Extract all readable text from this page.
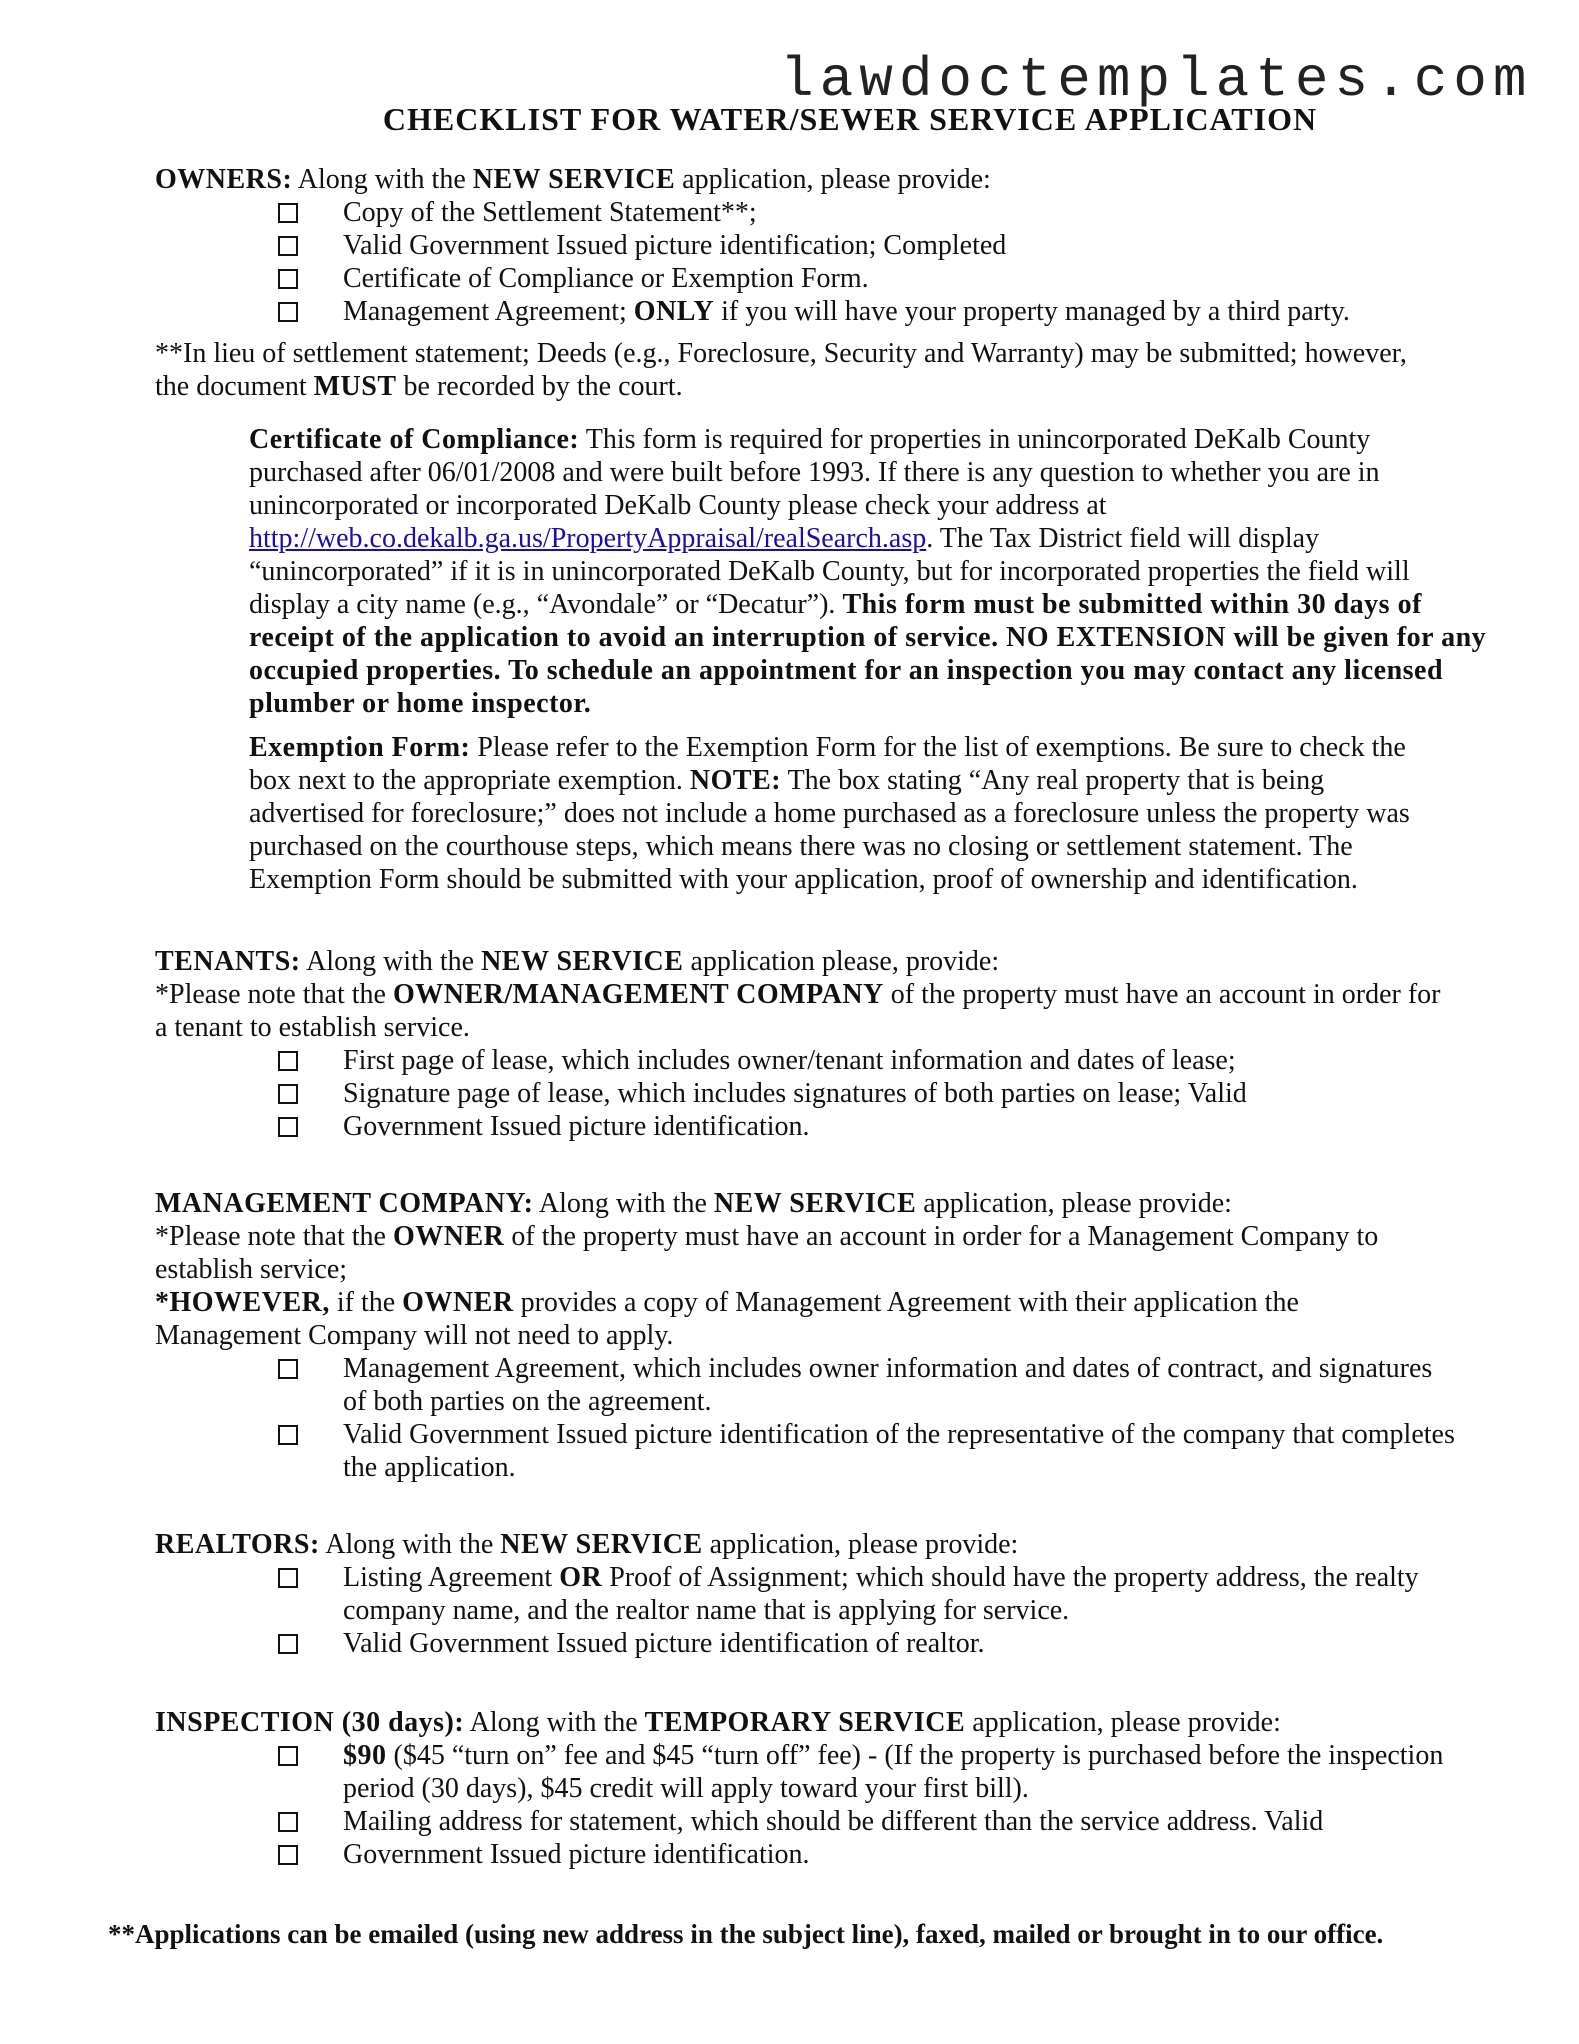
lawdoctemplates.com
CHECKLIST FOR WATER/SEWER SERVICE APPLICATION
OWNERS: Along with the NEW SERVICE application, please provide:
Copy of the Settlement Statement**;
Valid Government Issued picture identification; Completed
Certificate of Compliance or Exemption Form.
Management Agreement; ONLY if you will have your property managed by a third party.
**In lieu of settlement statement; Deeds (e.g., Foreclosure, Security and Warranty) may be submitted; however,
the document MUST be recorded by the court.
Certificate of Compliance: This form is required for properties in unincorporated DeKalb County
purchased after 06/01/2008 and were built before 1993. If there is any question to whether you are in
unincorporated or incorporated DeKalb County please check your address at
http://web.co.dekalb.ga.us/PropertyAppraisal/realSearch.asp. The Tax District field will display
“unincorporated” if it is in unincorporated DeKalb County, but for incorporated properties the field will
display a city name (e.g., “Avondale” or “Decatur”). This form must be submitted within 30 days of
receipt of the application to avoid an interruption of service. NO EXTENSION will be given for any
occupied properties. To schedule an appointment for an inspection you may contact any licensed
plumber or home inspector.
Exemption Form: Please refer to the Exemption Form for the list of exemptions. Be sure to check the
box next to the appropriate exemption. NOTE: The box stating “Any real property that is being
advertised for foreclosure;” does not include a home purchased as a foreclosure unless the property was
purchased on the courthouse steps, which means there was no closing or settlement statement. The
Exemption Form should be submitted with your application, proof of ownership and identification.
TENANTS: Along with the NEW SERVICE application please, provide:
*Please note that the OWNER/MANAGEMENT COMPANY of the property must have an account in order for
a tenant to establish service.
First page of lease, which includes owner/tenant information and dates of lease;
Signature page of lease, which includes signatures of both parties on lease; Valid
Government Issued picture identification.
MANAGEMENT COMPANY: Along with the NEW SERVICE application, please provide:
*Please note that the OWNER of the property must have an account in order for a Management Company to
establish service;
*HOWEVER, if the OWNER provides a copy of Management Agreement with their application the
Management Company will not need to apply.
Management Agreement, which includes owner information and dates of contract, and signatures
of both parties on the agreement.
Valid Government Issued picture identification of the representative of the company that completes
the application.
REALTORS: Along with the NEW SERVICE application, please provide:
Listing Agreement OR Proof of Assignment; which should have the property address, the realty
company name, and the realtor name that is applying for service.
Valid Government Issued picture identification of realtor.
INSPECTION (30 days): Along with the TEMPORARY SERVICE application, please provide:
$90 ($45 “turn on” fee and $45 “turn off” fee) - (If the property is purchased before the inspection
period (30 days), $45 credit will apply toward your first bill).
Mailing address for statement, which should be different than the service address. Valid
Government Issued picture identification.
**Applications can be emailed (using new address in the subject line), faxed, mailed or brought in to our office.
